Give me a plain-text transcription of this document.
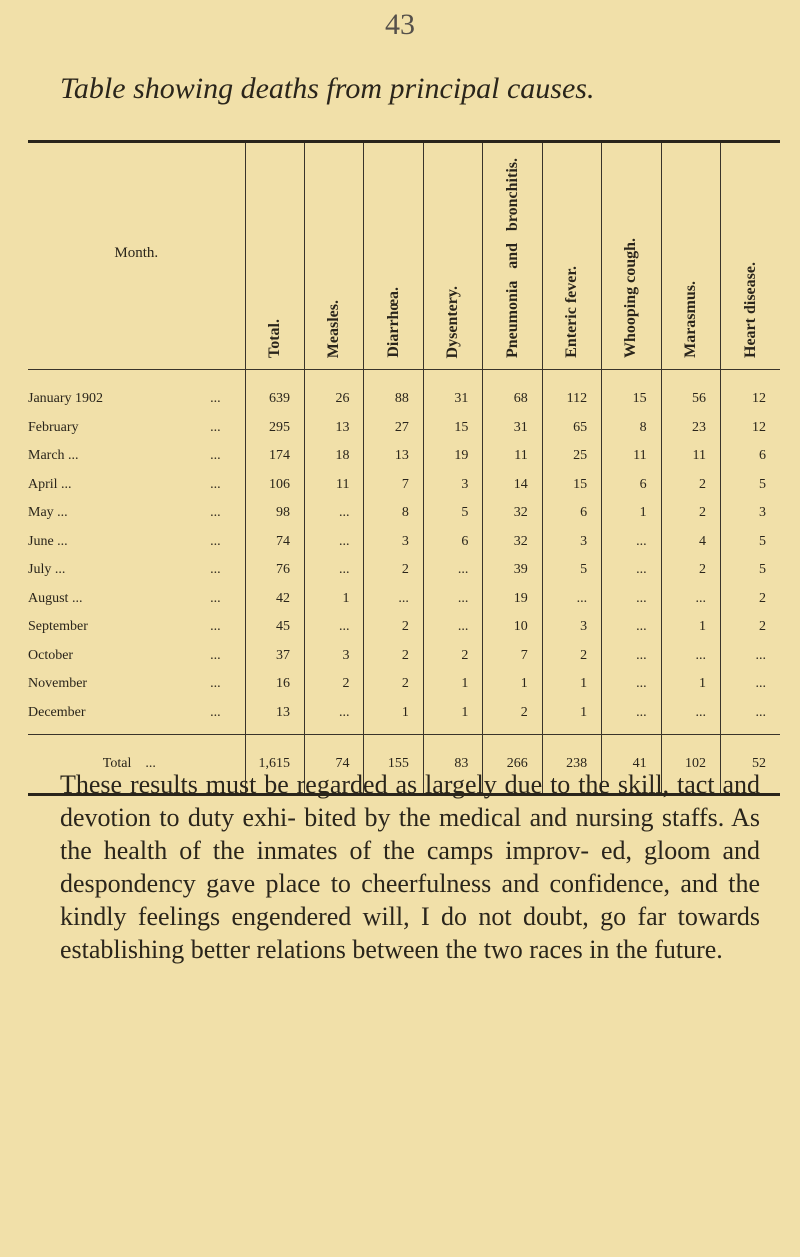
43
Table showing deaths from principal causes.
Month.	Total.	Measles.	Diarrhœa.	Dysentery.	Pneumonia and bronchitis.	Enteric fever.	Whooping cough.	Marasmus.	Heart disease.
January 1902 ...	639	26	88	31	68	112	15	56	12
February ...	295	13	27	15	31	65	8	23	12
March ... ...	174	18	13	19	11	25	11	11	6
April ... ...	106	11	7	3	14	15	6	2	5
May ... ...	98	...	8	5	32	6	1	2	3
June ... ...	74	...	3	6	32	3	...	4	5
July ... ...	76	...	2	...	39	5	...	2	5
August ... ...	42	1	...	...	19	...	...	...	2
September ...	45	...	2	...	10	3	...	1	2
October ...	37	3	2	2	7	2	...	...	...
November ...	16	2	2	1	1	1	...	1	...
December ...	13	...	1	1	2	1	...	...	...
Total ...	1,615	74	155	83	266	238	41	102	52
These results must be regarded as largely due to the skill, tact and devotion to duty exhi- bited by the medical and nursing staffs. As the health of the inmates of the camps improv- ed, gloom and despondency gave place to cheerfulness and confidence, and the kindly feelings engendered will, I do not doubt, go far towards establishing better relations between the two races in the future.
